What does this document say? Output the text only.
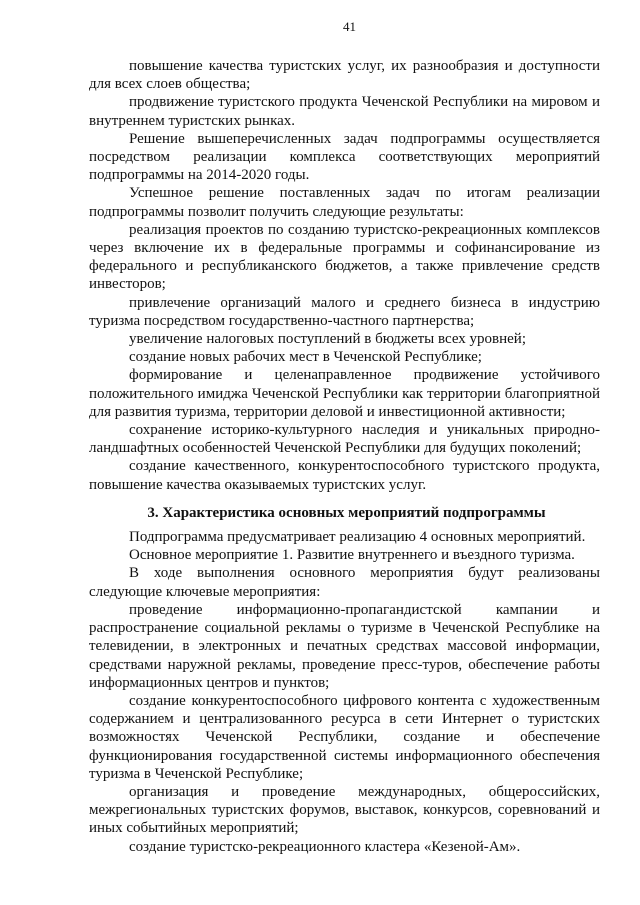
41

повышение качества туристских услуг, их разнообразия и доступности для всех слоев общества;

продвижение туристского продукта Чеченской Республики на мировом и внутреннем туристских рынках.

Решение вышеперечисленных задач подпрограммы осуществляется посредством реализации комплекса соответствующих мероприятий подпрограммы на 2014-2020 годы.

Успешное решение поставленных задач по итогам реализации подпрограммы позволит получить следующие результаты:

реализация проектов по созданию туристско-рекреационных комплексов через включение их в федеральные программы и софинансирование из федерального и республиканского бюджетов, а также привлечение средств инвесторов;

привлечение организаций малого и среднего бизнеса в индустрию туризма посредством государственно-частного партнерства;

увеличение налоговых поступлений в бюджеты всех уровней;

создание новых рабочих мест в Чеченской Республике;

формирование и целенаправленное продвижение устойчивого положительного имиджа Чеченской Республики как территории благоприятной для развития туризма, территории деловой и инвестиционной активности;

сохранение историко-культурного наследия и уникальных природно-ландшафтных особенностей Чеченской Республики для будущих поколений;

создание качественного, конкурентоспособного туристского продукта, повышение качества оказываемых туристских услуг.

3. Характеристика основных мероприятий подпрограммы

Подпрограмма предусматривает реализацию 4 основных мероприятий.

Основное мероприятие 1. Развитие внутреннего и въездного туризма.

В ходе выполнения основного мероприятия будут реализованы следующие ключевые мероприятия:

проведение информационно-пропагандистской кампании и распространение социальной рекламы о туризме в Чеченской Республике на телевидении, в электронных и печатных средствах массовой информации, средствами наружной рекламы, проведение пресс-туров, обеспечение работы информационных центров и пунктов;

создание конкурентоспособного цифрового контента с художественным содержанием и централизованного ресурса в сети Интернет о туристских возможностях Чеченской Республики, создание и обеспечение функционирования государственной системы информационного обеспечения туризма в Чеченской Республике;

организация и проведение международных, общероссийских, межрегиональных туристских форумов, выставок, конкурсов, соревнований и иных событийных мероприятий;

создание туристско-рекреационного кластера «Кезеной-Ам».
